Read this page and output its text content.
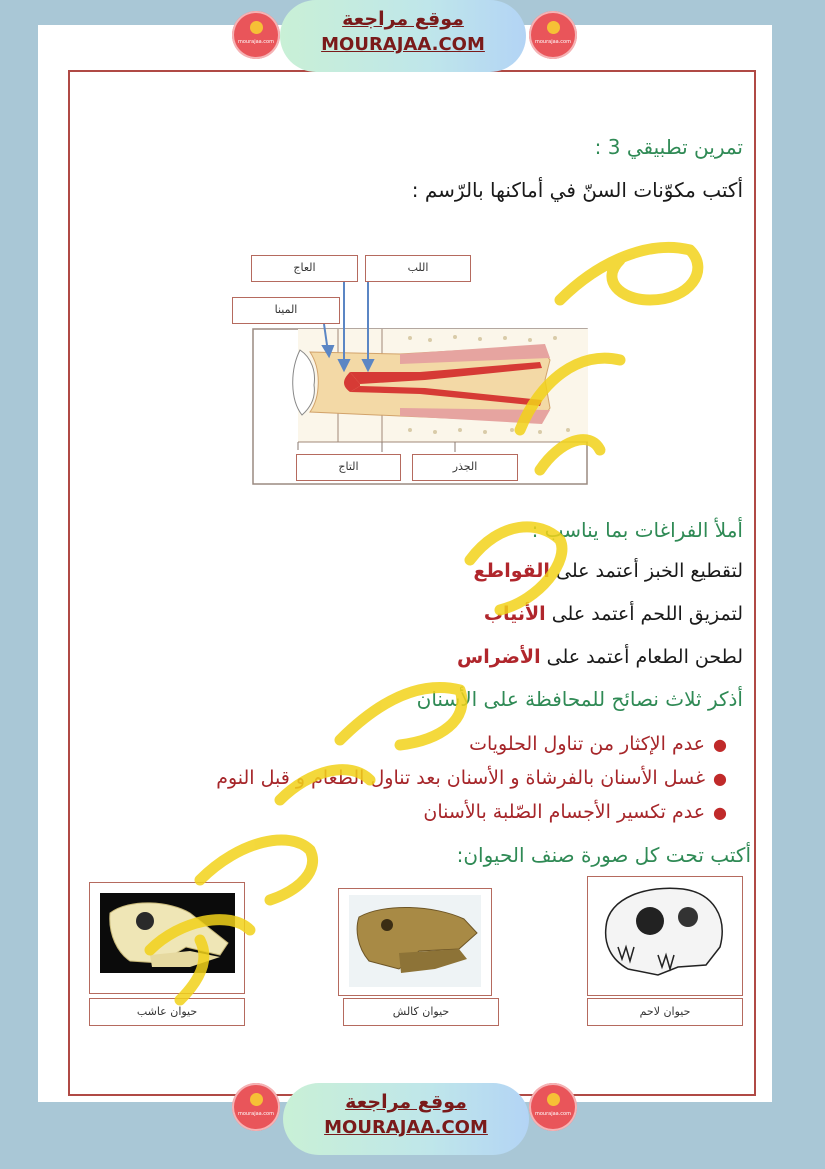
mourajaa.com
موقع مراجعة
MOURAJAA.COM	mourajaa.com
تمرين تطبيقي 3 :
أكتب مكوّنات السنّ في أماكنها بالرّسم :
العاج	اللب
المينا
التاج	الجذر
أملأ الفراغات بما يناسب :
لتقطيع الخبز أعتمد على القواطع
لتمزيق اللحم أعتمد على الأنياب
لطحن الطعام أعتمد على الأضراس
أذكر ثلاث نصائح للمحافظة على الأسنان
●عدم الإكثار من تناول الحلويات
●غسل الأسنان بالفرشاة و الأسنان بعد تناول الطعام و قبل النوم
●عدم تكسير الأجسام الصّلبة بالأسنان
أكتب تحت كل صورة صنف الحيوان:
حيوان عاشب	حيوان كالش	حيوان لاحم
mourajaa.com
موقع مراجعة
MOURAJAA.COM
mourajaa.com
